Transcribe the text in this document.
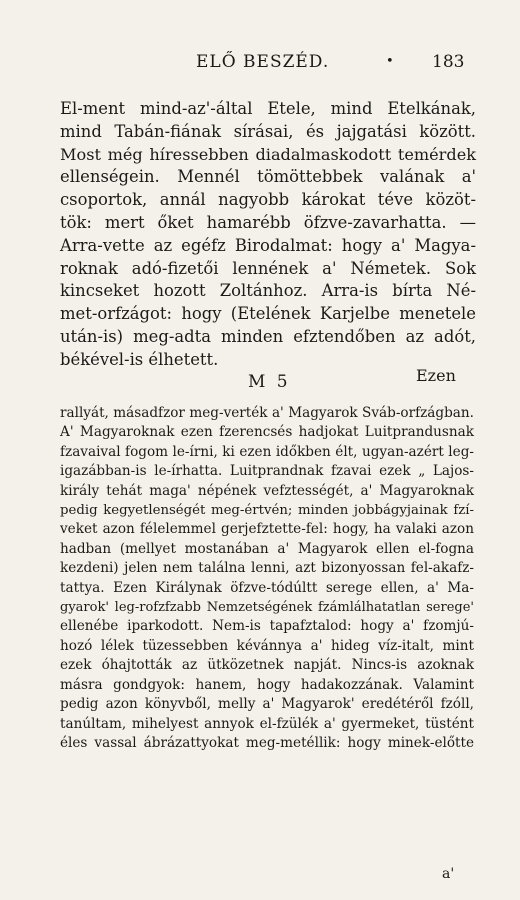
ELŐ BESZÉD.	• 183
El-ment mind-az'-által Etele, mind Etelkának,
mind Tabán-fiának sírásai, és jajgatási között.
Most még híressebben diadalmaskodott temérdek
ellenségein. Mennél tömöttebbek valának a'
csoportok, annál nagyobb károkat téve közöt-
tök: mert őket hamarébb öfzve-zavarhatta. —
Arra-vette az egéfz Birodalmat: hogy a' Magya-
roknak adó-fizetői lennének a' Németek. Sok
kincseket hozott Zoltánhoz. Arra-is bírta Né-
met-orfzágot: hogy (Etelének Karjelbe menetele
után-is) meg-adta minden efztendőben az adót,
békével-is élhetett.
M 5	Ezen
rallyát, másadfzor meg-verték a' Magyarok Sváb-orfzágban.
A' Magyaroknak ezen fzerencsés hadjokat Luitprandusnak
fzavaival fogom le-írni, ki ezen időkben élt, ugyan-azért leg-
igazábban-is le-írhatta. Luitprandnak fzavai ezek „ Lajos-
király tehát maga' népének vefztességét, a' Magyaroknak
pedig kegyetlenségét meg-értvén; minden jobbágyjainak fzí-
veket azon félelemmel gerjefztette-fel: hogy, ha valaki azon
hadban (mellyet mostanában a' Magyarok ellen el-fogna
kezdeni) jelen nem találna lenni, azt bizonyossan fel-akafz-
tattya. Ezen Királynak öfzve-tódúltt serege ellen, a' Ma-
gyarok' leg-rofzfzabb Nemzetségének fzámlálhatatlan serege'
ellenébe iparkodott. Nem-is tapafztalod: hogy a' fzomjú-
hozó lélek tüzessebben kévánnya a' hideg víz-italt, mint
ezek óhajtották az ütközetnek napját. Nincs-is azoknak
másra gondgyok: hanem, hogy hadakozzának. Valamint
pedig azon könyvből, melly a' Magyarok' eredétéről fzóll,
tanúltam, mihelyest annyok el-fzülék a' gyermeket, tüstént
éles vassal ábrázattyokat meg-metéllik: hogy minek-előtte
a'
